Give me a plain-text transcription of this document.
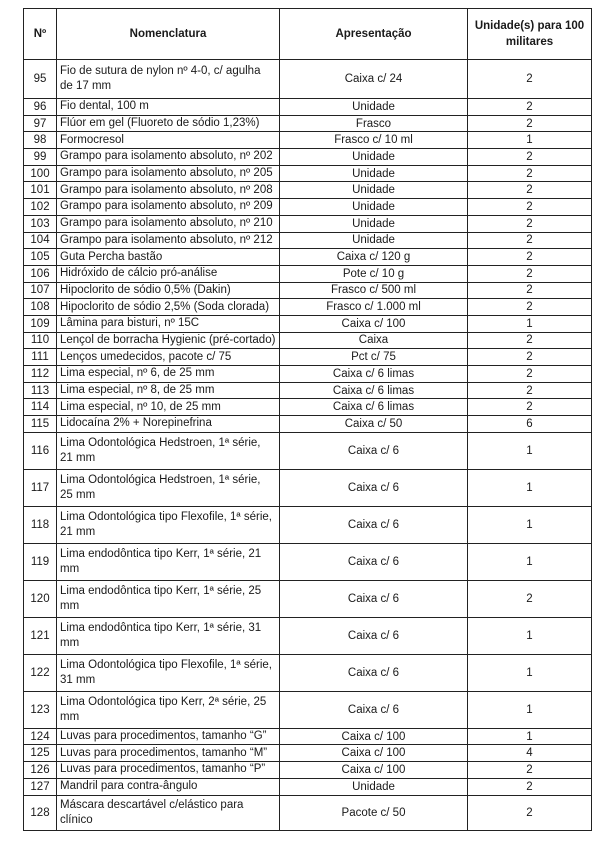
Nº	Nomenclatura	Apresentação	Unidade(s) para 100 militares
95	Fio de sutura de nylon nº 4-0, c/ agulha de 17 mm	Caixa c/ 24	2
96	Fio dental, 100 m	Unidade	2
97	Flúor em gel (Fluoreto de sódio 1,23%)	Frasco	2
98	Formocresol	Frasco c/ 10 ml	1
99	Grampo para isolamento absoluto, nº 202	Unidade	2
100	Grampo para isolamento absoluto, nº 205	Unidade	2
101	Grampo para isolamento absoluto, nº 208	Unidade	2
102	Grampo para isolamento absoluto, nº 209	Unidade	2
103	Grampo para isolamento absoluto, nº 210	Unidade	2
104	Grampo para isolamento absoluto, nº 212	Unidade	2
105	Guta Percha bastão	Caixa c/ 120 g	2
106	Hidróxido de cálcio pró-análise	Pote c/ 10 g	2
107	Hipoclorito de sódio 0,5% (Dakin)	Frasco c/ 500 ml	2
108	Hipoclorito de sódio 2,5% (Soda clorada)	Frasco c/ 1.000 ml	2
109	Lâmina para bisturi, nº 15C	Caixa c/ 100	1
110	Lençol de borracha Hygienic (pré-cortado)	Caixa	2
111	Lenços umedecidos, pacote c/ 75	Pct c/ 75	2
112	Lima especial, nº 6, de 25 mm	Caixa c/ 6 limas	2
113	Lima especial, nº 8, de 25 mm	Caixa c/ 6 limas	2
114	Lima especial, nº 10, de 25 mm	Caixa c/ 6 limas	2
115	Lidocaína 2% + Norepinefrina	Caixa c/ 50	6
116	Lima Odontológica Hedstroen, 1ª série, 21 mm	Caixa c/ 6	1
117	Lima Odontológica Hedstroen, 1ª série, 25 mm	Caixa c/ 6	1
118	Lima Odontológica tipo Flexofile, 1ª série, 21 mm	Caixa c/ 6	1
119	Lima endodôntica tipo Kerr, 1ª série, 21 mm	Caixa c/ 6	1
120	Lima endodôntica tipo Kerr, 1ª série, 25 mm	Caixa c/ 6	2
121	Lima endodôntica tipo Kerr, 1ª série, 31 mm	Caixa c/ 6	1
122	Lima Odontológica tipo Flexofile, 1ª série, 31 mm	Caixa c/ 6	1
123	Lima Odontológica tipo Kerr, 2ª série, 25 mm	Caixa c/ 6	1
124	Luvas para procedimentos, tamanho “G”	Caixa c/ 100	1
125	Luvas para procedimentos, tamanho “M”	Caixa c/ 100	4
126	Luvas para procedimentos, tamanho “P”	Caixa c/ 100	2
127	Mandril para contra-ângulo	Unidade	2
128	Máscara descartável c/elástico para clínico	Pacote c/ 50	2
